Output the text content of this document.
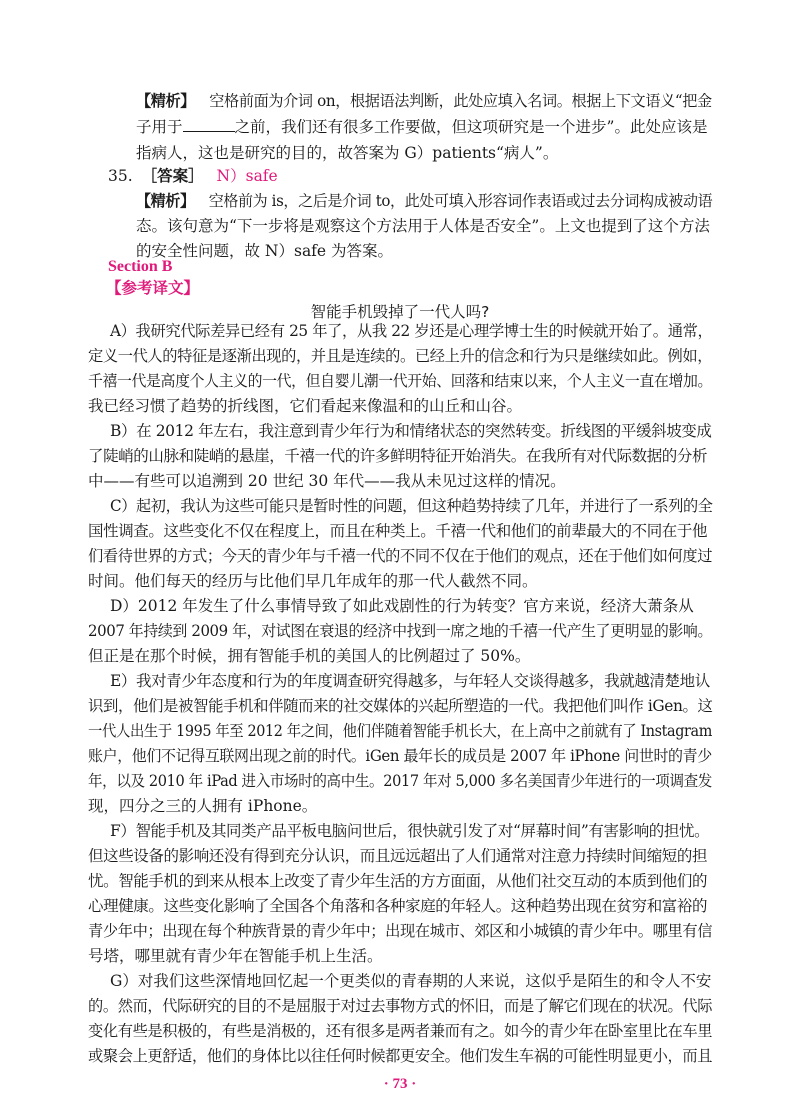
【精析】 空格前面为介词 on，根据语法判断，此处应填入名词。根据上下文语义“把金
子用于	之前，我们还有很多工作要做，但这项研究是一个进步”。此处应该是
指病人，这也是研究的目的，故答案为 G）patients“病人”。
35. ［答案］ N）safe
【精析】 空格前为 is，之后是介词 to，此处可填入形容词作表语或过去分词构成被动语
态。该句意为“下一步将是观察这个方法用于人体是否安全”。上文也提到了这个方法
的安全性问题，故 N）safe 为答案。
Section B
【参考译文】
智能手机毁掉了一代人吗?
A）我研究代际差异已经有 25 年了，从我 22 岁还是心理学博士生的时候就开始了。通常，
定义一代人的特征是逐渐出现的，并且是连续的。已经上升的信念和行为只是继续如此。例如，
千禧一代是高度个人主义的一代，但自婴儿潮一代开始、回落和结束以来，个人主义一直在增加。
我已经习惯了趋势的折线图，它们看起来像温和的山丘和山谷。
B）在 2012 年左右，我注意到青少年行为和情绪状态的突然转变。折线图的平缓斜坡变成
了陡峭的山脉和陡峭的悬崖，千禧一代的许多鲜明特征开始消失。在我所有对代际数据的分析
中——有些可以追溯到 20 世纪 30 年代——我从未见过这样的情况。
C）起初，我认为这些可能只是暂时性的问题，但这种趋势持续了几年，并进行了一系列的全
国性调查。这些变化不仅在程度上，而且在种类上。千禧一代和他们的前辈最大的不同在于他
们看待世界的方式；今天的青少年与千禧一代的不同不仅在于他们的观点，还在于他们如何度过
时间。他们每天的经历与比他们早几年成年的那一代人截然不同。
D）2012 年发生了什么事情导致了如此戏剧性的行为转变？官方来说，经济大萧条从
2007 年持续到 2009 年，对试图在衰退的经济中找到一席之地的千禧一代产生了更明显的影响。
但正是在那个时候，拥有智能手机的美国人的比例超过了 50%。
E）我对青少年态度和行为的年度调查研究得越多，与年轻人交谈得越多，我就越清楚地认
识到，他们是被智能手机和伴随而来的社交媒体的兴起所塑造的一代。我把他们叫作 iGen。这
一代人出生于 1995 年至 2012 年之间，他们伴随着智能手机长大，在上高中之前就有了 Instagram
账户，他们不记得互联网出现之前的时代。iGen 最年长的成员是 2007 年 iPhone 问世时的青少
年，以及 2010 年 iPad 进入市场时的高中生。2017 年对 5,000 多名美国青少年进行的一项调查发
现，四分之三的人拥有 iPhone。
F）智能手机及其同类产品平板电脑问世后，很快就引发了对“屏幕时间”有害影响的担忧。
但这些设备的影响还没有得到充分认识，而且远远超出了人们通常对注意力持续时间缩短的担
忧。智能手机的到来从根本上改变了青少年生活的方方面面，从他们社交互动的本质到他们的
心理健康。这些变化影响了全国各个角落和各种家庭的年轻人。这种趋势出现在贫穷和富裕的
青少年中；出现在每个种族背景的青少年中；出现在城市、郊区和小城镇的青少年中。哪里有信
号塔，哪里就有青少年在智能手机上生活。
G）对我们这些深情地回忆起一个更类似的青春期的人来说，这似乎是陌生的和令人不安
的。然而，代际研究的目的不是屈服于对过去事物方式的怀旧，而是了解它们现在的状况。代际
变化有些是积极的，有些是消极的，还有很多是两者兼而有之。如今的青少年在卧室里比在车里
或聚会上更舒适，他们的身体比以往任何时候都更安全。他们发生车祸的可能性明显更小，而且
· 73 ·
